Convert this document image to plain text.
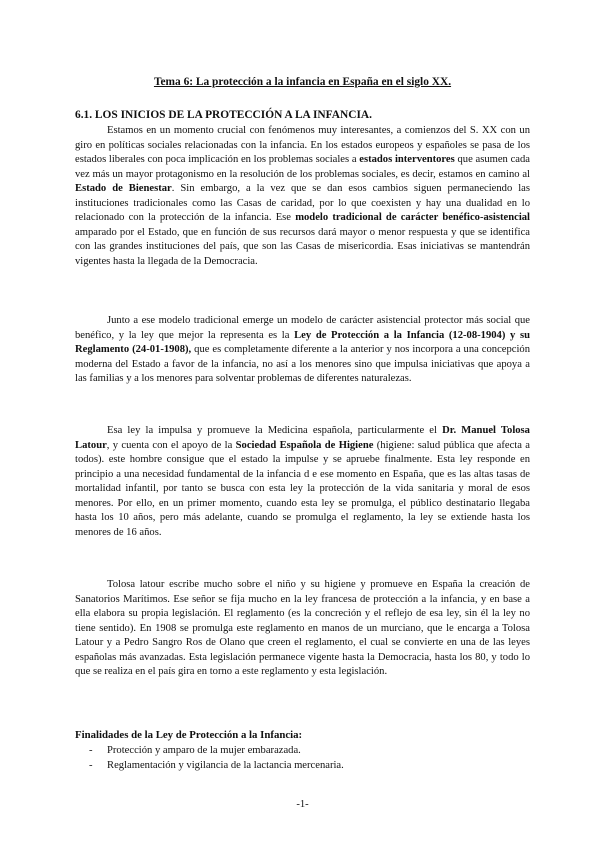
Tema 6: La protección a la infancia en España en el siglo XX.
6.1. LOS INICIOS DE LA PROTECCIÓN A LA INFANCIA.

Estamos en un momento crucial con fenómenos muy interesantes, a comienzos del S. XX con un giro en políticas sociales relacionadas con la infancia. En los estados europeos y españoles se pasa de los estados liberales con poca implicación en los problemas sociales a estados interventores que asumen cada vez más un mayor protagonismo en la resolución de los problemas sociales, es decir, estamos en camino al Estado de Bienestar. Sin embargo, a la vez que se dan esos cambios siguen permaneciendo las instituciones tradicionales como las Casas de caridad, por lo que coexisten y hay una dualidad en lo relacionado con la protección de la infancia. Ese modelo tradicional de carácter benéfico-asistencial amparado por el Estado, que en función de sus recursos dará mayor o menor respuesta y que se identifica con las grandes instituciones del país, que son las Casas de misericordia. Esas iniciativas se mantendrán vigentes hasta la llegada de la Democracia.

Junto a ese modelo tradicional emerge un modelo de carácter asistencial protector más social que benéfico, y la ley que mejor la representa es la Ley de Protección a la Infancia (12-08-1904) y su Reglamento (24-01-1908), que es completamente diferente a la anterior y nos incorpora a una concepción moderna del Estado a favor de la infancia, no así a los menores sino que impulsa iniciativas que apoya a las familias y a los menores para solventar problemas de diferentes naturalezas.

Esa ley la impulsa y promueve la Medicina española, particularmente el Dr. Manuel Tolosa Latour, y cuenta con el apoyo de la Sociedad Española de Higiene (higiene: salud pública que afecta a todos). este hombre consigue que el estado la impulse y se apruebe finalmente. Esta ley responde en principio a una necesidad fundamental de la infancia d e ese momento en España, que es las altas tasas de mortalidad infantil, por tanto se busca con esta ley la protección de la vida sanitaria y moral de esos menores. Por ello, en un primer momento, cuando esta ley se promulga, el público destinatario llegaba hasta los 10 años, pero más adelante, cuando se promulga el reglamento, la ley se extiende hasta los menores de 16 años.

Tolosa latour escribe mucho sobre el niño y su higiene y promueve en España la creación de Sanatorios Marítimos. Ese señor se fija mucho en la ley francesa de protección a la infancia, y en base a ella elabora su propia legislación. El reglamento (es la concreción y el reflejo de esa ley, sin él la ley no tiene sentido). En 1908 se promulga este reglamento en manos de un murciano, que le encarga a Tolosa Latour y a Pedro Sangro Ros de Olano que creen el reglamento, el cual se convierte en una de las leyes españolas más avanzadas. Esta legislación permanece vigente hasta la Democracia, hasta los 80, y todo lo que se realiza en el país gira en torno a este reglamento y esta legislación.

Finalidades de la Ley de Protección a la Infancia:
- Protección y amparo de la mujer embarazada.
- Reglamentación y vigilancia de la lactancia mercenaria.
-1-
